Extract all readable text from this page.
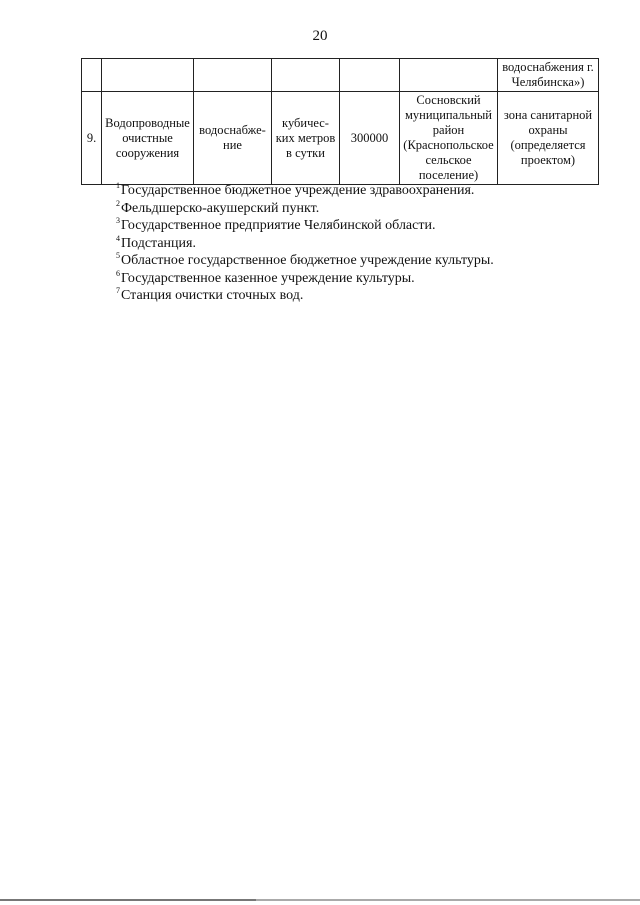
20
						водоснабжения г. Челябинска»)
9.	Водопроводные очистные сооружения	водоснабже-ние	кубичес-ких метров в сутки	300000	Сосновский муниципальный район (Краснопольское сельское поселение)	зона санитарной охраны (определяется проектом)
$^1$Государственное бюджетное учреждение здравоохранения.
$^2$Фельдшерско-акушерский пункт.
$^3$Государственное предприятие Челябинской области.
$^4$Подстанция.
$^5$Областное государственное бюджетное учреждение культуры.
$^6$Государственное казенное учреждение культуры.
$^7$Станция очистки сточных вод.
